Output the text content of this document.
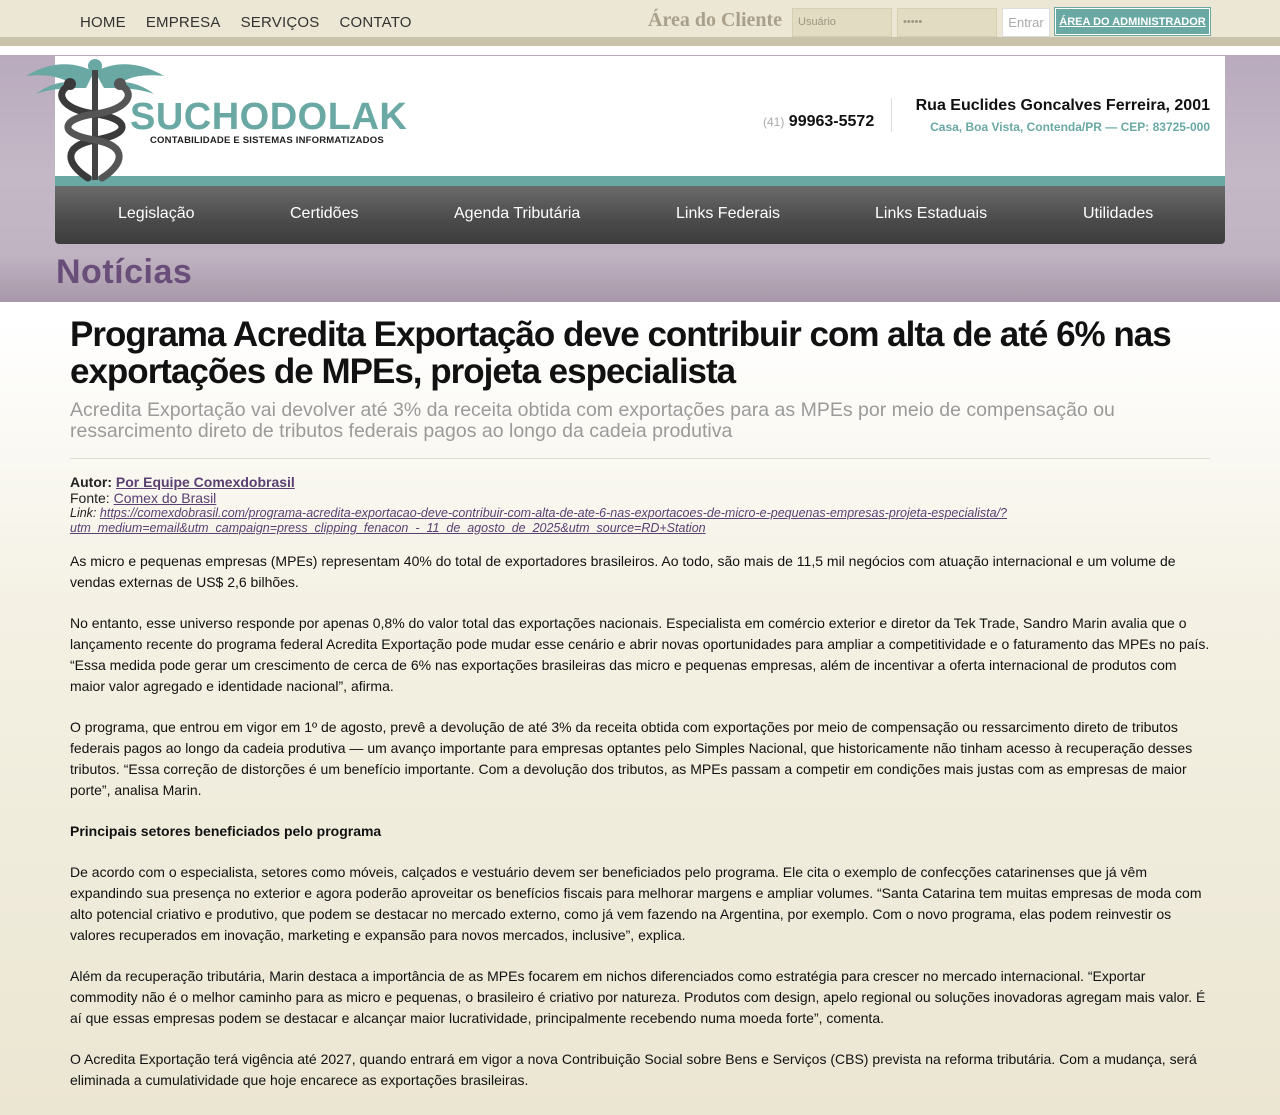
HOME EMPRESA SERVIÇOS CONTATO	Área do Cliente	Usuário	•••••	Entrar	ÁREA DO ADMINISTRADOR
SUCHODOLAK
CONTABILIDADE E SISTEMAS INFORMATIZADOS
(41) 99963-5572
Rua Euclides Goncalves Ferreira, 2001
Casa, Boa Vista, Contenda/PR — CEP: 83725-000
Legislação	Certidões	Agenda Tributária	Links Federais	Links Estaduais	Utilidades
Notícias
Programa Acredita Exportação deve contribuir com alta de até 6% nas exportações de MPEs, projeta especialista
Acredita Exportação vai devolver até 3% da receita obtida com exportações para as MPEs por meio de compensação ou ressarcimento direto de tributos federais pagos ao longo da cadeia produtiva
Autor: Por Equipe Comexdobrasil
Fonte: Comex do Brasil
Link: https://comexdobrasil.com/programa-acredita-exportacao-deve-contribuir-com-alta-de-ate-6-nas-exportacoes-de-micro-e-pequenas-empresas-projeta-especialista/?utm_medium=email&utm_campaign=press_clipping_fenacon_-_11_de_agosto_de_2025&utm_source=RD+Station

As micro e pequenas empresas (MPEs) representam 40% do total de exportadores brasileiros. Ao todo, são mais de 11,5 mil negócios com atuação internacional e um volume de vendas externas de US$ 2,6 bilhões.

No entanto, esse universo responde por apenas 0,8% do valor total das exportações nacionais. Especialista em comércio exterior e diretor da Tek Trade, Sandro Marin avalia que o lançamento recente do programa federal Acredita Exportação pode mudar esse cenário e abrir novas oportunidades para ampliar a competitividade e o faturamento das MPEs no país. “Essa medida pode gerar um crescimento de cerca de 6% nas exportações brasileiras das micro e pequenas empresas, além de incentivar a oferta internacional de produtos com maior valor agregado e identidade nacional”, afirma.

O programa, que entrou em vigor em 1º de agosto, prevê a devolução de até 3% da receita obtida com exportações por meio de compensação ou ressarcimento direto de tributos federais pagos ao longo da cadeia produtiva — um avanço importante para empresas optantes pelo Simples Nacional, que historicamente não tinham acesso à recuperação desses tributos. “Essa correção de distorções é um benefício importante. Com a devolução dos tributos, as MPEs passam a competir em condições mais justas com as empresas de maior porte”, analisa Marin.

Principais setores beneficiados pelo programa

De acordo com o especialista, setores como móveis, calçados e vestuário devem ser beneficiados pelo programa. Ele cita o exemplo de confecções catarinenses que já vêm expandindo sua presença no exterior e agora poderão aproveitar os benefícios fiscais para melhorar margens e ampliar volumes. “Santa Catarina tem muitas empresas de moda com alto potencial criativo e produtivo, que podem se destacar no mercado externo, como já vem fazendo na Argentina, por exemplo. Com o novo programa, elas podem reinvestir os valores recuperados em inovação, marketing e expansão para novos mercados, inclusive”, explica.

Além da recuperação tributária, Marin destaca a importância de as MPEs focarem em nichos diferenciados como estratégia para crescer no mercado internacional. “Exportar commodity não é o melhor caminho para as micro e pequenas, o brasileiro é criativo por natureza. Produtos com design, apelo regional ou soluções inovadoras agregam mais valor. É aí que essas empresas podem se destacar e alcançar maior lucratividade, principalmente recebendo numa moeda forte”, comenta.

O Acredita Exportação terá vigência até 2027, quando entrará em vigor a nova Contribuição Social sobre Bens e Serviços (CBS) prevista na reforma tributária. Com a mudança, será eliminada a cumulatividade que hoje encarece as exportações brasileiras.
